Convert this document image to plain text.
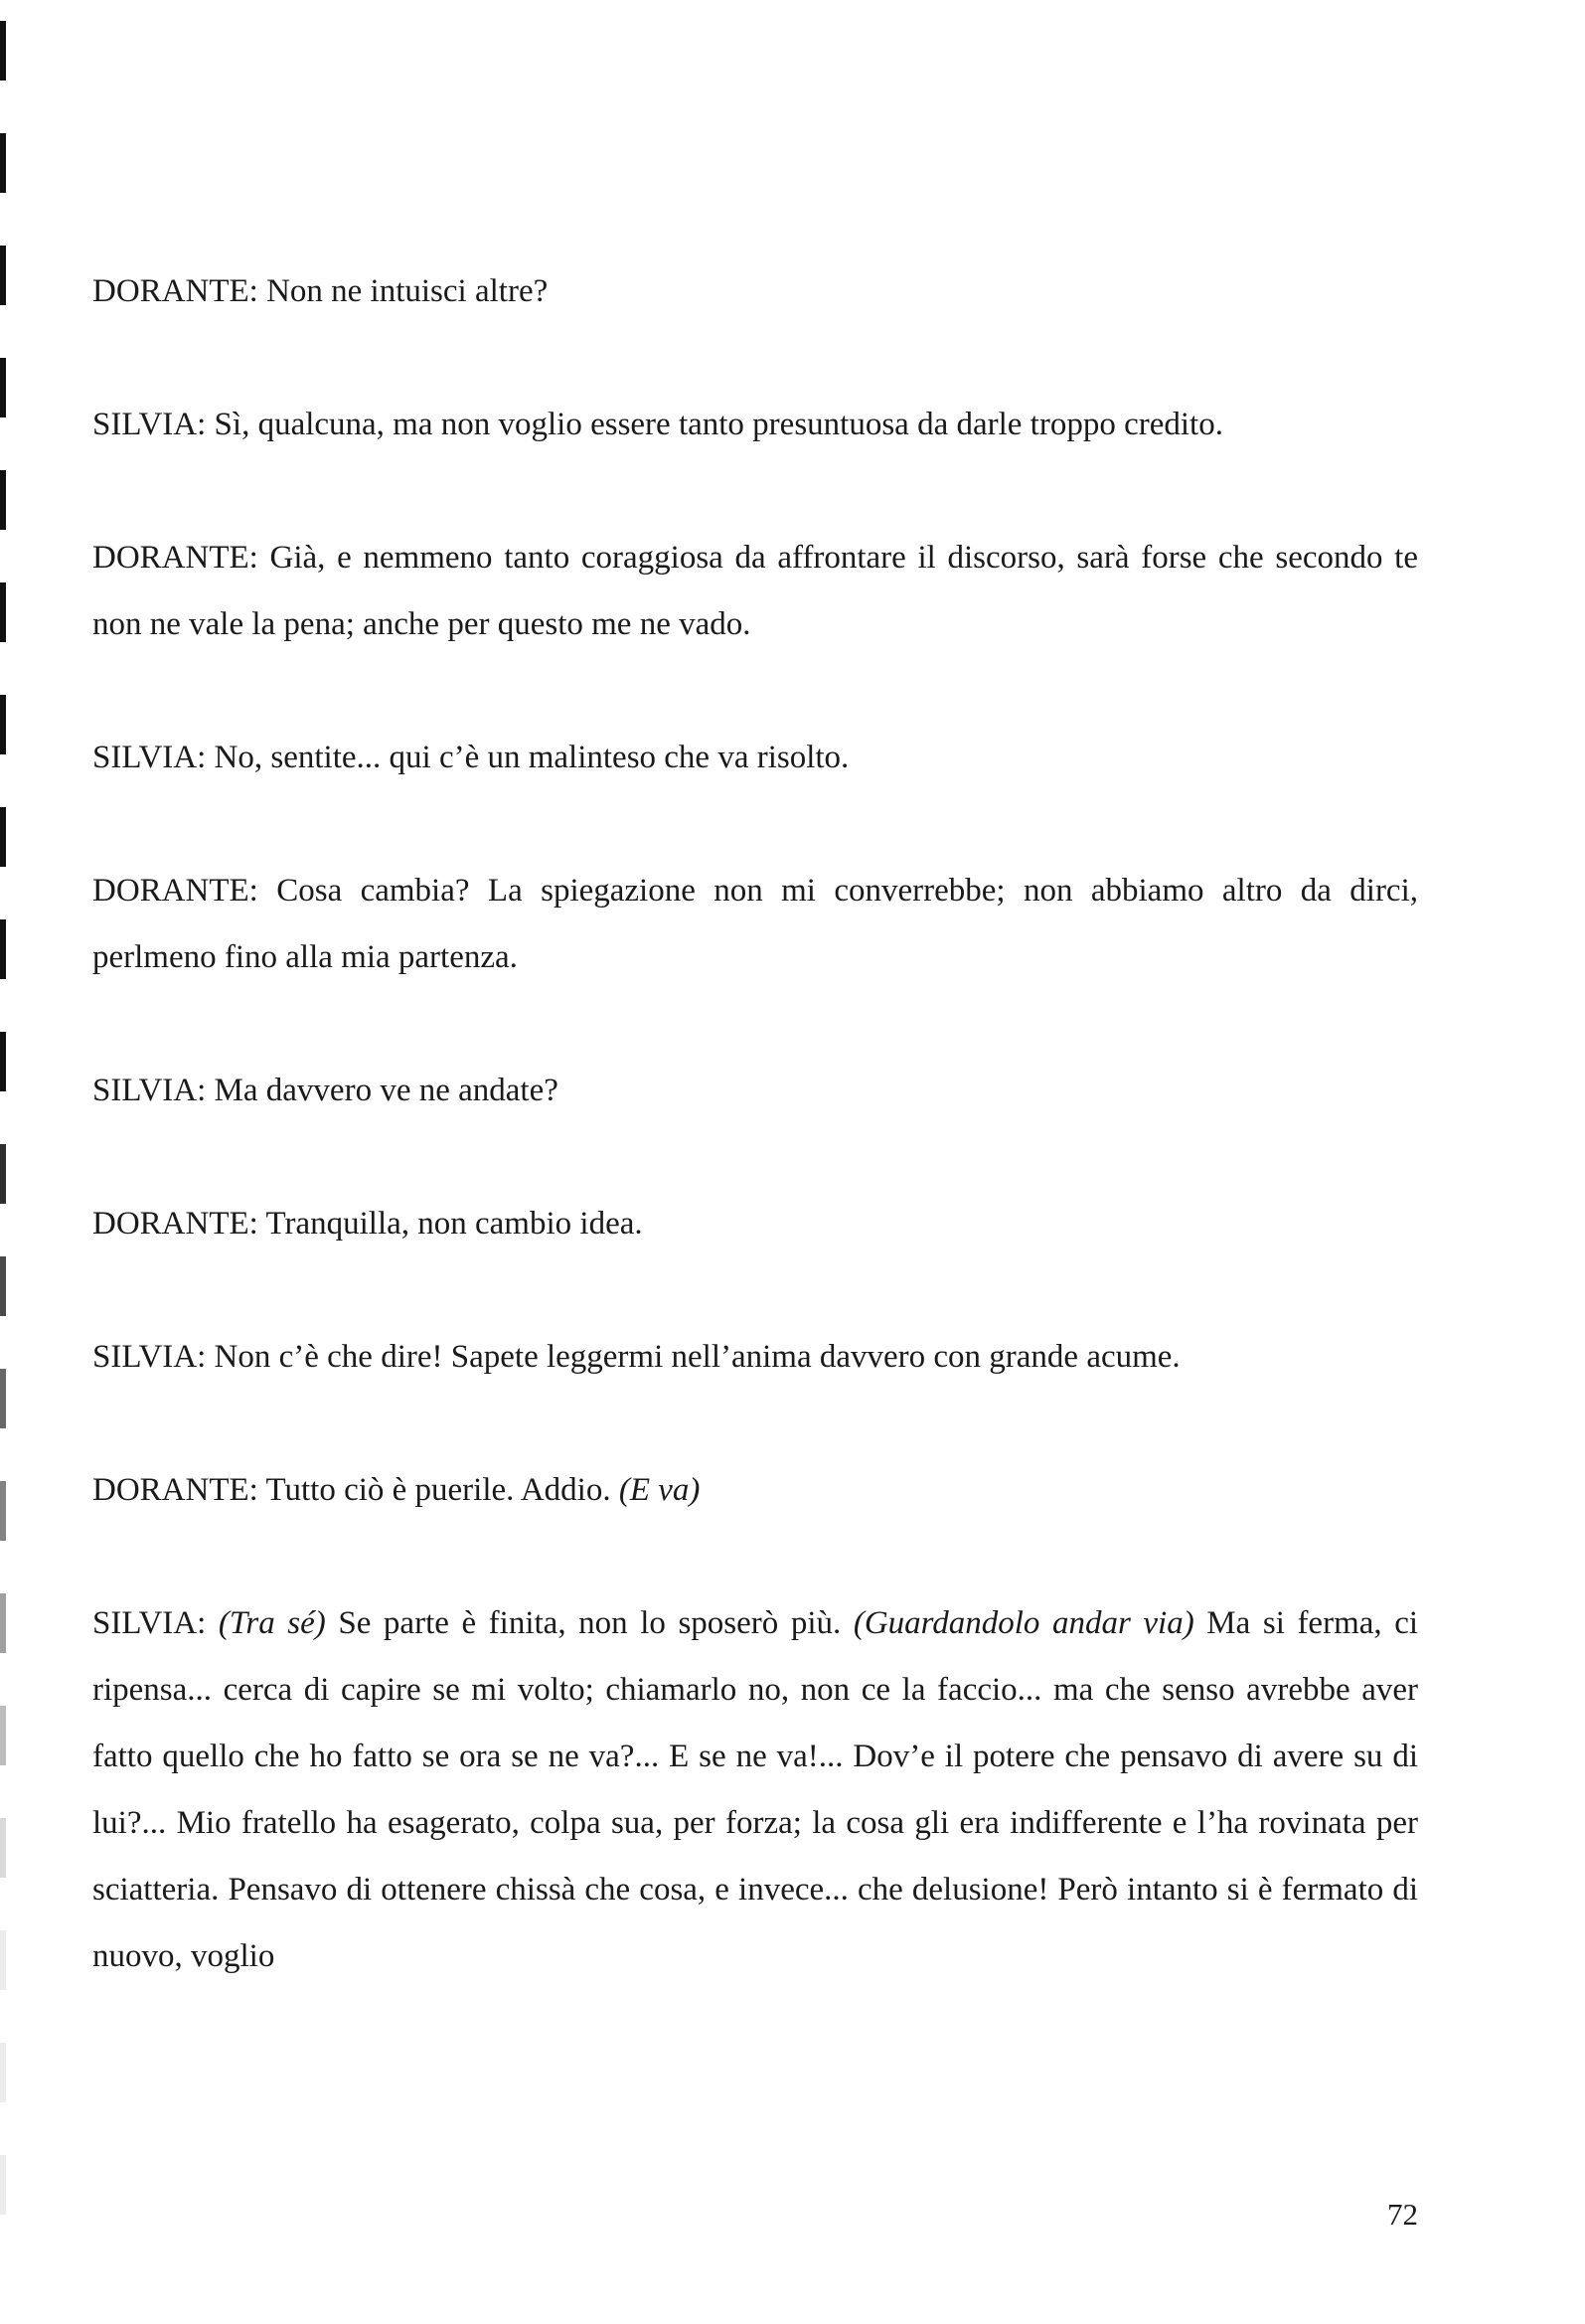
DORANTE: Non ne intuisci altre?

SILVIA: Sì, qualcuna, ma non voglio essere tanto presuntuosa da darle troppo credito.

DORANTE: Già, e nemmeno tanto coraggiosa da affrontare il discorso, sarà forse che secondo te non ne vale la pena; anche per questo me ne vado.

SILVIA: No, sentite... qui c’è un malinteso che va risolto.

DORANTE: Cosa cambia? La spiegazione non mi converrebbe; non abbiamo altro da dirci, perlmeno fino alla mia partenza.

SILVIA: Ma davvero ve ne andate?

DORANTE: Tranquilla, non cambio idea.

SILVIA: Non c’è che dire! Sapete leggermi nell’anima davvero con grande acume.

DORANTE: Tutto ciò è puerile. Addio. (E va)

SILVIA: (Tra sé) Se parte è finita, non lo sposerò più. (Guardandolo andar via) Ma si ferma, ci ripensa... cerca di capire se mi volto; chiamarlo no, non ce la faccio... ma che senso avrebbe aver fatto quello che ho fatto se ora se ne va?... E se ne va!... Dov’e il potere che pensavo di avere su di lui?... Mio fratello ha esagerato, colpa sua, per forza; la cosa gli era indifferente e l’ha rovinata per sciatteria. Pensavo di ottenere chissà che cosa, e invece... che delusione! Però intanto si è fermato di nuovo, voglio

72
